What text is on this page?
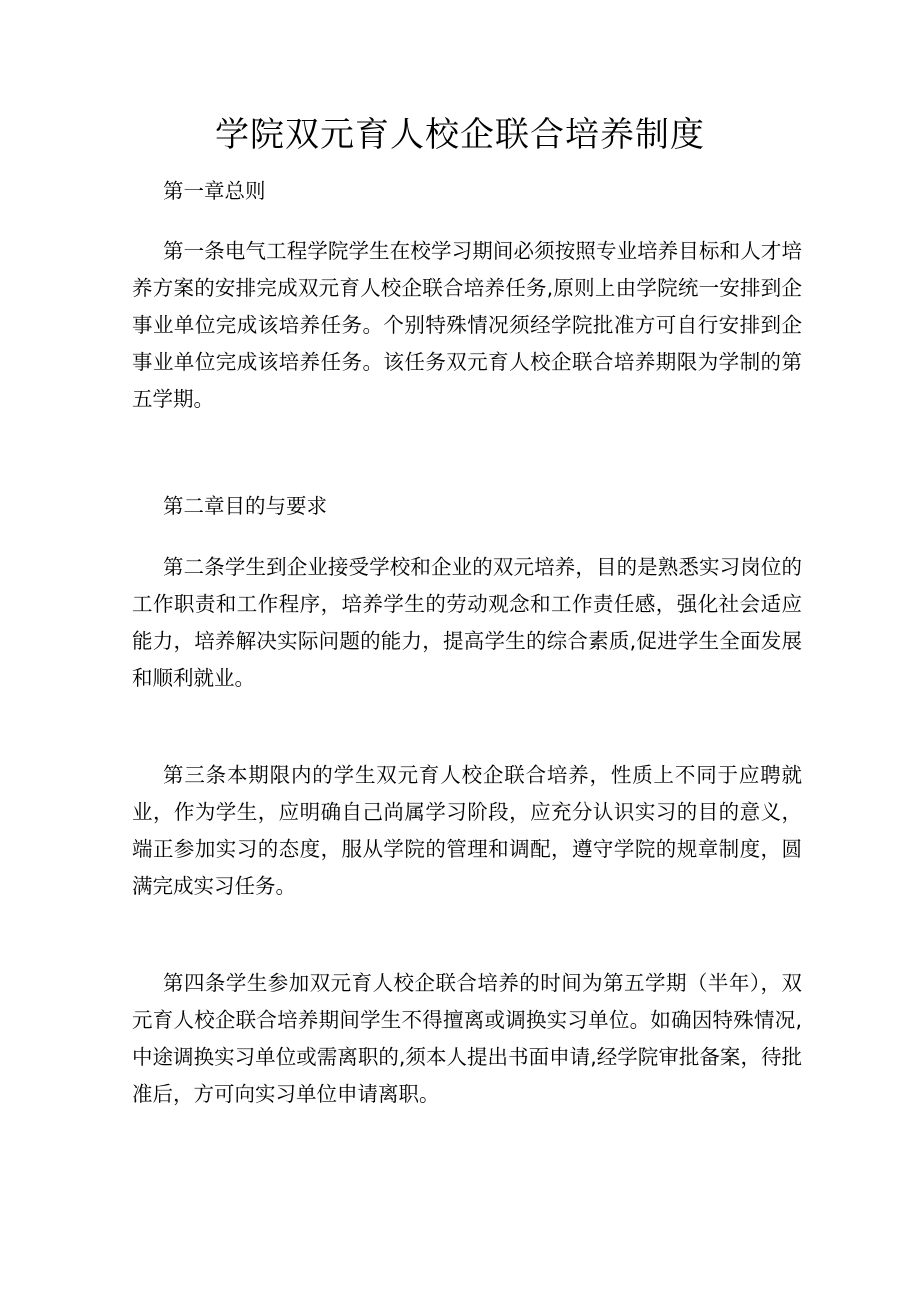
学院双元育人校企联合培养制度
第一章总则

第一条电气工程学院学生在校学习期间必须按照专业培养目标和人才培养方案的安排完成双元育人校企联合培养任务,原则上由学院统一安排到企事业单位完成该培养任务。个别特殊情况须经学院批准方可自行安排到企事业单位完成该培养任务。该任务双元育人校企联合培养期限为学制的第五学期。

第二章目的与要求

第二条学生到企业接受学校和企业的双元培养，目的是熟悉实习岗位的工作职责和工作程序，培养学生的劳动观念和工作责任感，强化社会适应能力，培养解决实际问题的能力，提高学生的综合素质,促进学生全面发展和顺利就业。

第三条本期限内的学生双元育人校企联合培养，性质上不同于应聘就业，作为学生，应明确自己尚属学习阶段，应充分认识实习的目的意义，端正参加实习的态度，服从学院的管理和调配，遵守学院的规章制度，圆满完成实习任务。

第四条学生参加双元育人校企联合培养的时间为第五学期（半年），双元育人校企联合培养期间学生不得擅离或调换实习单位。如确因特殊情况,中途调换实习单位或需离职的,须本人提出书面申请,经学院审批备案，待批准后，方可向实习单位申请离职。
